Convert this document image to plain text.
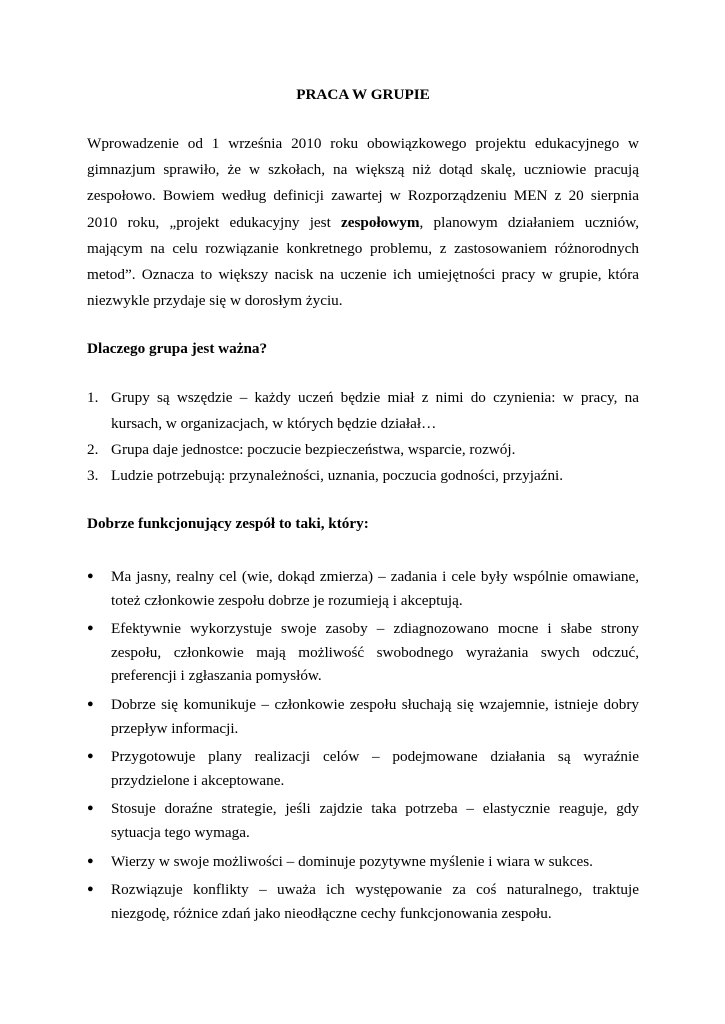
PRACA W GRUPIE

Wprowadzenie od 1 września 2010 roku obowiązkowego projektu edukacyjnego w gimnazjum sprawiło, że w szkołach, na większą niż dotąd skalę, uczniowie pracują zespołowo. Bowiem według definicji zawartej w Rozporządzeniu MEN z 20 sierpnia 2010 roku, „projekt edukacyjny jest zespołowym, planowym działaniem uczniów, mającym na celu rozwiązanie konkretnego problemu, z zastosowaniem różnorodnych metod”. Oznacza to większy nacisk na uczenie ich umiejętności pracy w grupie, która niezwykle przydaje się w dorosłym życiu.

Dlaczego grupa jest ważna?
1. Grupy są wszędzie – każdy uczeń będzie miał z nimi do czynienia: w pracy, na kursach, w organizacjach, w których będzie działał…
2. Grupa daje jednostce: poczucie bezpieczeństwa, wsparcie, rozwój.
3. Ludzie potrzebują: przynależności, uznania, poczucia godności, przyjaźni.
Dobrze funkcjonujący zespół to taki, który:
● Ma jasny, realny cel (wie, dokąd zmierza) – zadania i cele były wspólnie omawiane, toteż członkowie zespołu dobrze je rozumieją i akceptują.
● Efektywnie wykorzystuje swoje zasoby – zdiagnozowano mocne i słabe strony zespołu, członkowie mają możliwość swobodnego wyrażania swych odczuć, preferencji i zgłaszania pomysłów.
● Dobrze się komunikuje – członkowie zespołu słuchają się wzajemnie, istnieje dobry przepływ informacji.
● Przygotowuje plany realizacji celów – podejmowane działania są wyraźnie przydzielone i akceptowane.
● Stosuje doraźne strategie, jeśli zajdzie taka potrzeba – elastycznie reaguje, gdy sytuacja tego wymaga.
● Wierzy w swoje możliwości – dominuje pozytywne myślenie i wiara w sukces.
● Rozwiązuje konflikty – uważa ich występowanie za coś naturalnego, traktuje niezgodę, różnice zdań jako nieodłączne cechy funkcjonowania zespołu.
